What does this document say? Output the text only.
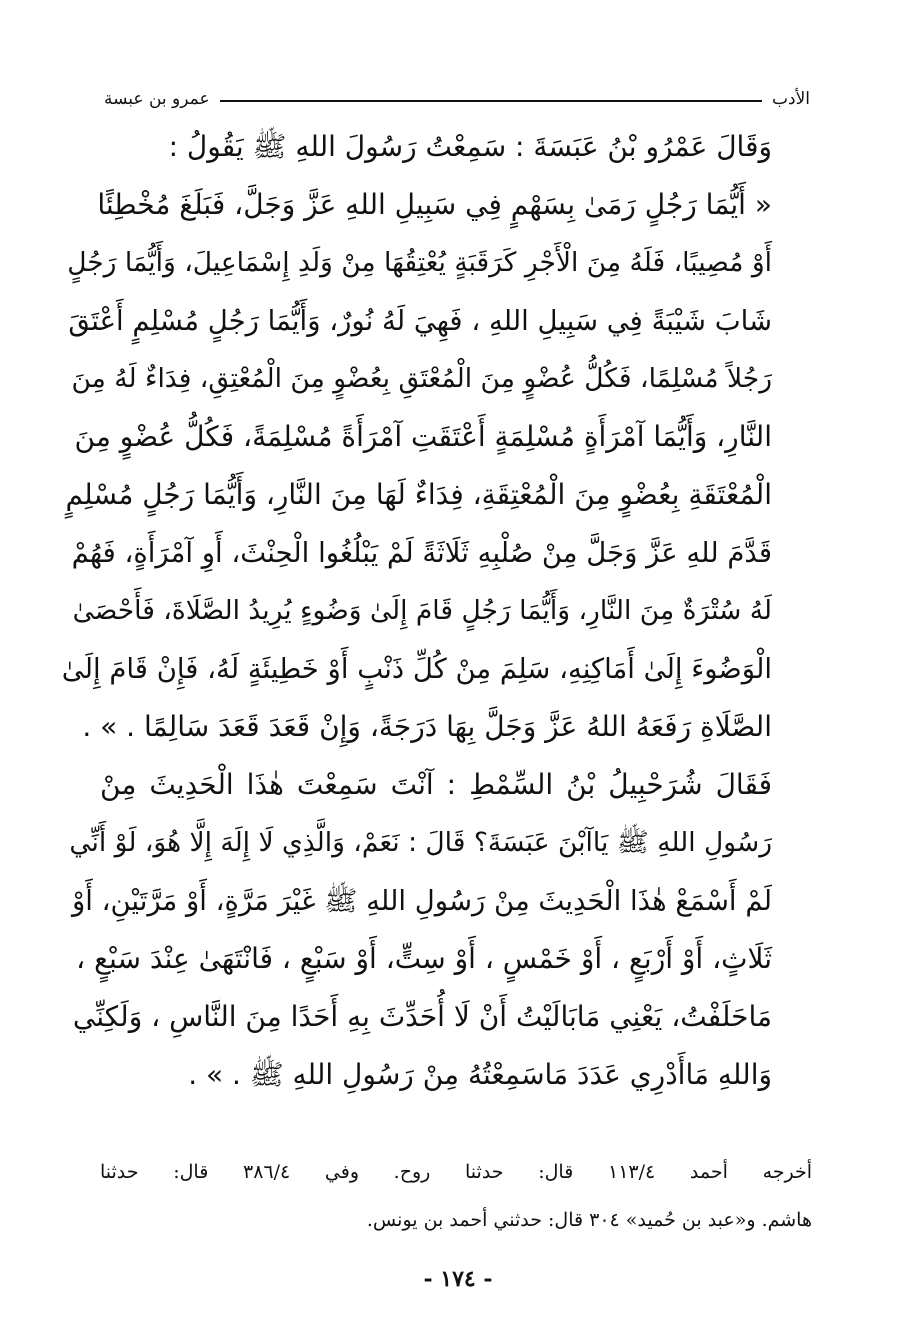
الأدب
عمرو بن عبسة

وَقَالَ عَمْرُو بْنُ عَبَسَةَ : سَمِعْتُ رَسُولَ اللهِ ﷺ يَقُولُ :

« أَيُّمَا رَجُلٍ رَمَىٰ بِسَهْمٍ فِي سَبِيلِ اللهِ عَزَّ وَجَلَّ، فَبَلَغَ مُخْطِئًا
أَوْ مُصِيبًا، فَلَهُ مِنَ الْأَجْرِ كَرَقَبَةٍ يُعْتِقُهَا مِنْ وَلَدِ إِسْمَاعِيلَ، وَأَيُّمَا رَجُلٍ
شَابَ شَيْبَةً فِي سَبِيلِ اللهِ ، فَهِيَ لَهُ نُورٌ، وَأَيُّمَا رَجُلٍ مُسْلِمٍ أَعْتَقَ
رَجُلاً مُسْلِمًا، فَكُلُّ عُضْوٍ مِنَ الْمُعْتَقِ بِعُضْوٍ مِنَ الْمُعْتِقِ، فِدَاءٌ لَهُ مِنَ
النَّارِ، وَأَيُّمَا آمْرَأَةٍ مُسْلِمَةٍ أَعْتَقَتِ آمْرَأَةً مُسْلِمَةً، فَكُلُّ عُضْوٍ مِنَ
الْمُعْتَقَةِ بِعُضْوٍ مِنَ الْمُعْتِقَةِ، فِدَاءٌ لَهَا مِنَ النَّارِ، وَأَيُّمَا رَجُلٍ مُسْلِمٍ
قَدَّمَ للهِ عَزَّ وَجَلَّ مِنْ صُلْبِهِ ثَلَاثَةً لَمْ يَبْلُغُوا الْحِنْثَ، أَوِ آمْرَأَةٍ، فَهُمْ
لَهُ سُتْرَةٌ مِنَ النَّارِ، وَأَيُّمَا رَجُلٍ قَامَ إِلَىٰ وَضُوءٍ يُرِيدُ الصَّلَاةَ، فَأَحْصَىٰ
الْوَضُوءَ إِلَىٰ أَمَاكِنِهِ، سَلِمَ مِنْ كُلِّ ذَنْبٍ أَوْ خَطِيئَةٍ لَهُ، فَإِنْ قَامَ إِلَىٰ
الصَّلَاةِ رَفَعَهُ اللهُ عَزَّ وَجَلَّ بِهَا دَرَجَةً، وَإِنْ قَعَدَ قَعَدَ سَالِمًا . » .

فَقَالَ شُرَحْبِيلُ بْنُ السِّمْطِ : آنْتَ سَمِعْتَ هٰذَا الْحَدِيثَ مِنْ
رَسُولِ اللهِ ﷺ يَاآبْنَ عَبَسَةَ؟ قَالَ : نَعَمْ، وَالَّذِي لَا إِلَهَ إِلَّا هُوَ، لَوْ أَنِّي
لَمْ أَسْمَعْ هٰذَا الْحَدِيثَ مِنْ رَسُولِ اللهِ ﷺ غَيْرَ مَرَّةٍ، أَوْ مَرَّتَيْنِ، أَوْ
ثَلَاثٍ، أَوْ أَرْبَعٍ ، أَوْ خَمْسٍ ، أَوْ سِتٍّ، أَوْ سَبْعٍ ، فَانْتَهَىٰ عِنْدَ سَبْعٍ ،
مَاحَلَفْتُ، يَعْنِي مَابَالَيْتُ أَنْ لَا أُحَدِّثَ بِهِ أَحَدًا مِنَ النَّاسِ ، وَلَكِنِّي
وَاللهِ مَاأَدْرِي عَدَدَ مَاسَمِعْتُهُ مِنْ رَسُولِ اللهِ ﷺ . » .

أخرجه أحمد ١١٣/٤ قال: حدثنا روح. وفي ٣٨٦/٤ قال: حدثنا
هاشم. و«عبد بن حُميد» ٣٠٤ قال: حدثني أحمد بن يونس.
- ١٧٤ -
